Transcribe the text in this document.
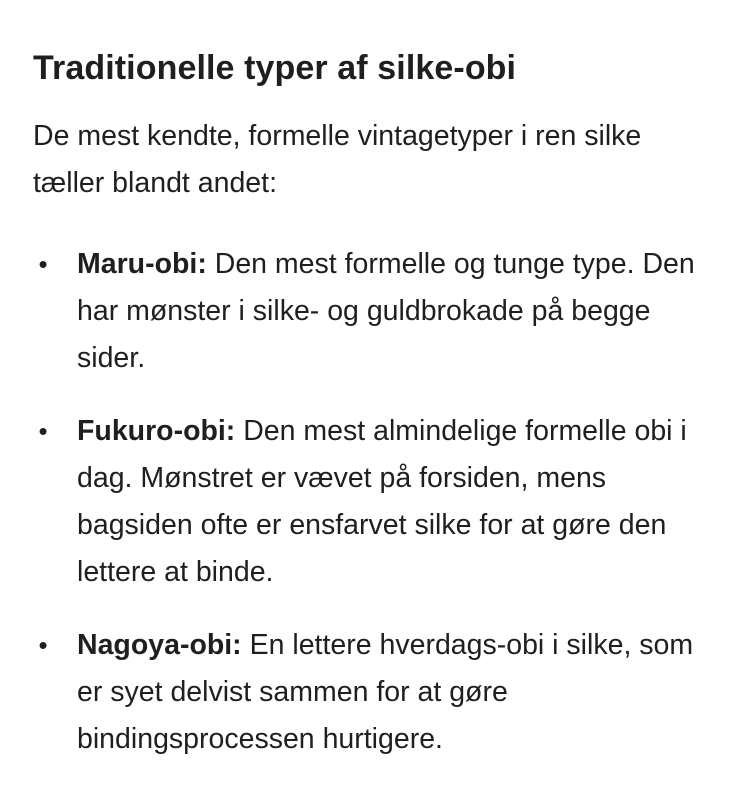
Traditionelle typer af silke-obi

De mest kendte, formelle vintagetyper i ren silke tæller blandt andet:

• Maru-obi: Den mest formelle og tunge type. Den har mønster i silke- og guldbrokade på begge sider.
• Fukuro-obi: Den mest almindelige formelle obi i dag. Mønstret er vævet på forsiden, mens bagsiden ofte er ensfarvet silke for at gøre den lettere at binde.
• Nagoya-obi: En lettere hverdags-obi i silke, som er syet delvist sammen for at gøre bindingsprocessen hurtigere.
